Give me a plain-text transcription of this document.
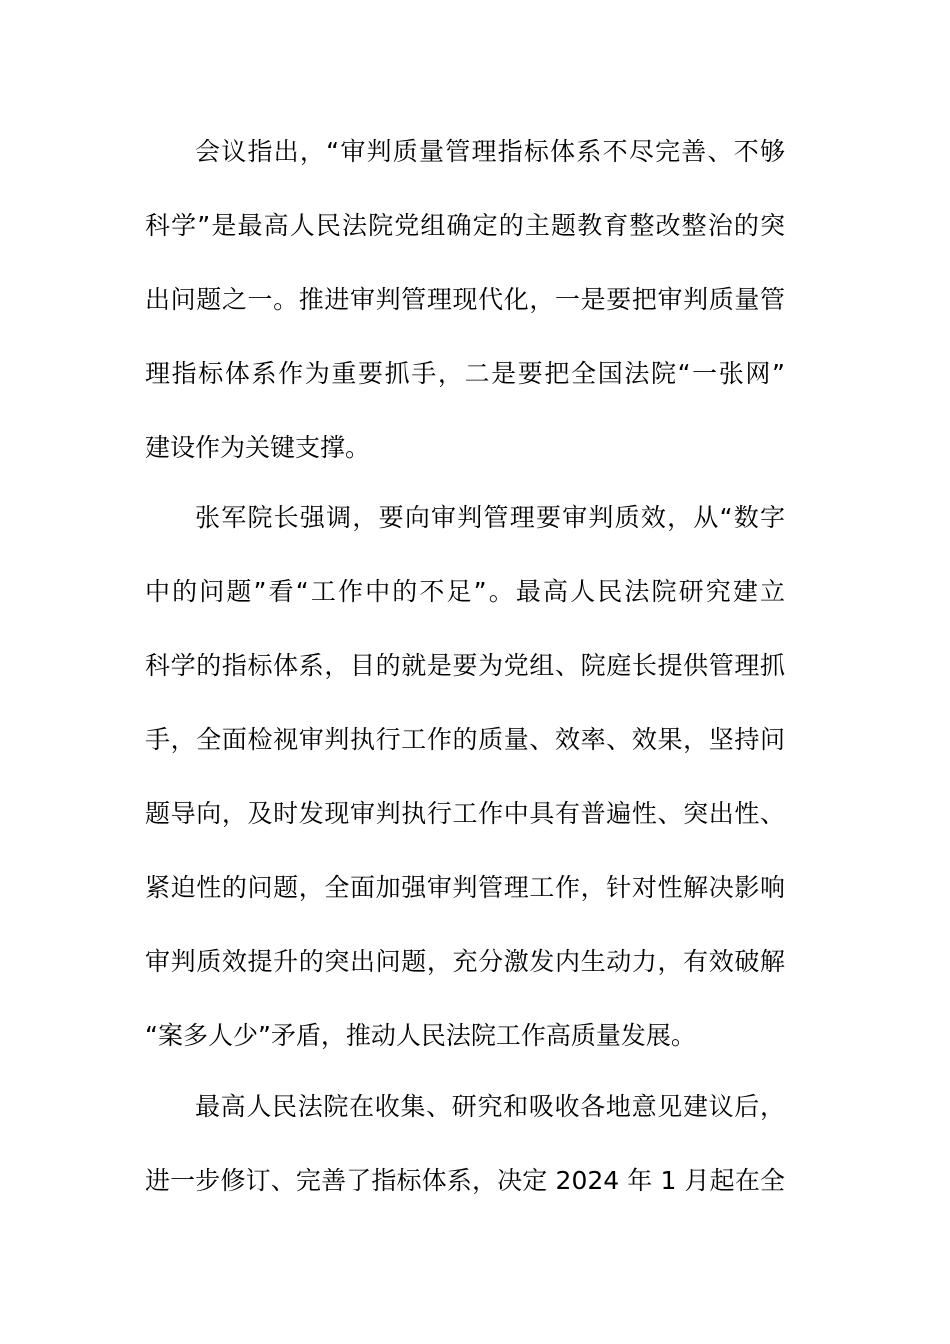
会议指出，“审判质量管理指标体系不尽完善、不够
科学”是最高人民法院党组确定的主题教育整改整治的突
出问题之一。推进审判管理现代化，一是要把审判质量管
理指标体系作为重要抓手，二是要把全国法院“一张网”
建设作为关键支撑。
张军院长强调，要向审判管理要审判质效，从“数字
中的问题”看“工作中的不足”。最高人民法院研究建立
科学的指标体系，目的就是要为党组、院庭长提供管理抓
手，全面检视审判执行工作的质量、效率、效果，坚持问
题导向，及时发现审判执行工作中具有普遍性、突出性、
紧迫性的问题，全面加强审判管理工作，针对性解决影响
审判质效提升的突出问题，充分激发内生动力，有效破解
“案多人少”矛盾，推动人民法院工作高质量发展。
最高人民法院在收集、研究和吸收各地意见建议后，
进一步修订、完善了指标体系，决定 2024 年 1 月起在全
